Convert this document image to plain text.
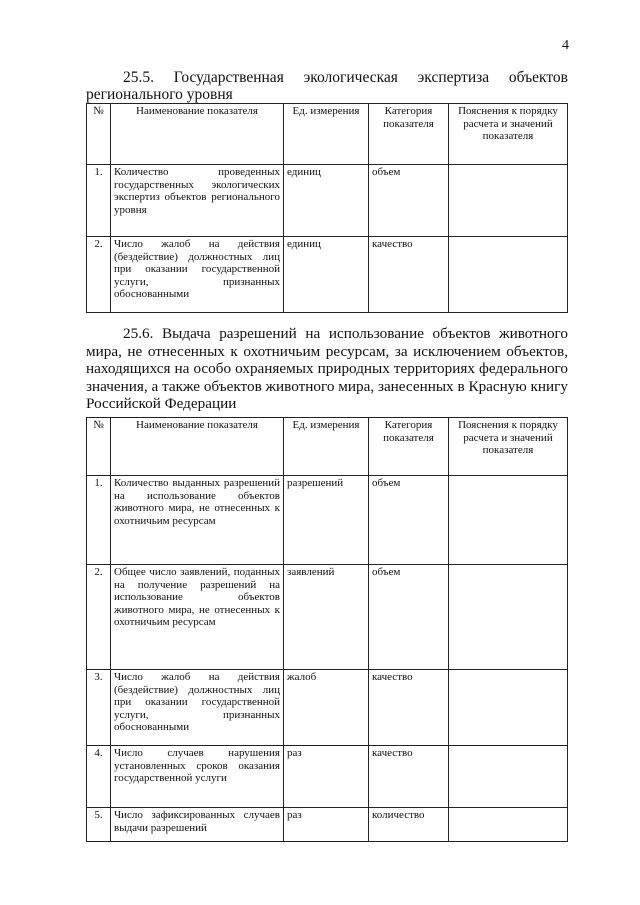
4
25.5. Государственная экологическая экспертиза объектов
регионального уровня
№	Наименование показателя	Ед. измерения	Категория показателя	Пояснения к порядку расчета и значений показателя
1.	Количество проведенных государственных экологических экспертиз объектов регионального уровня	единиц	объем	
2.	Число жалоб на действия (бездействие) должностных лиц при оказании государственной услуги, признанных обоснованными	единиц	качество	
25.6. Выдача разрешений на использование объектов животного
мира, не отнесенных к охотничьим ресурсам, за исключением объектов,
находящихся на особо охраняемых природных территориях федерального
значения, а также объектов животного мира, занесенных в Красную книгу
Российской Федерации
№	Наименование показателя	Ед. измерения	Категория показателя	Пояснения к порядку расчета и значений показателя
1.	Количество выданных разрешений на использование объектов животного мира, не отнесенных к охотничьим ресурсам	разрешений	объем	
2.	Общее число заявлений, поданных на получение разрешений на использование объектов животного мира, не отнесенных к охотничьим ресурсам	заявлений	объем	
3.	Число жалоб на действия (бездействие) должностных лиц при оказании государственной услуги, признанных обоснованными	жалоб	качество	
4.	Число случаев нарушения установленных сроков оказания государственной услуги	раз	качество	
5.	Число зафиксированных случаев выдачи разрешений	раз	количество	
